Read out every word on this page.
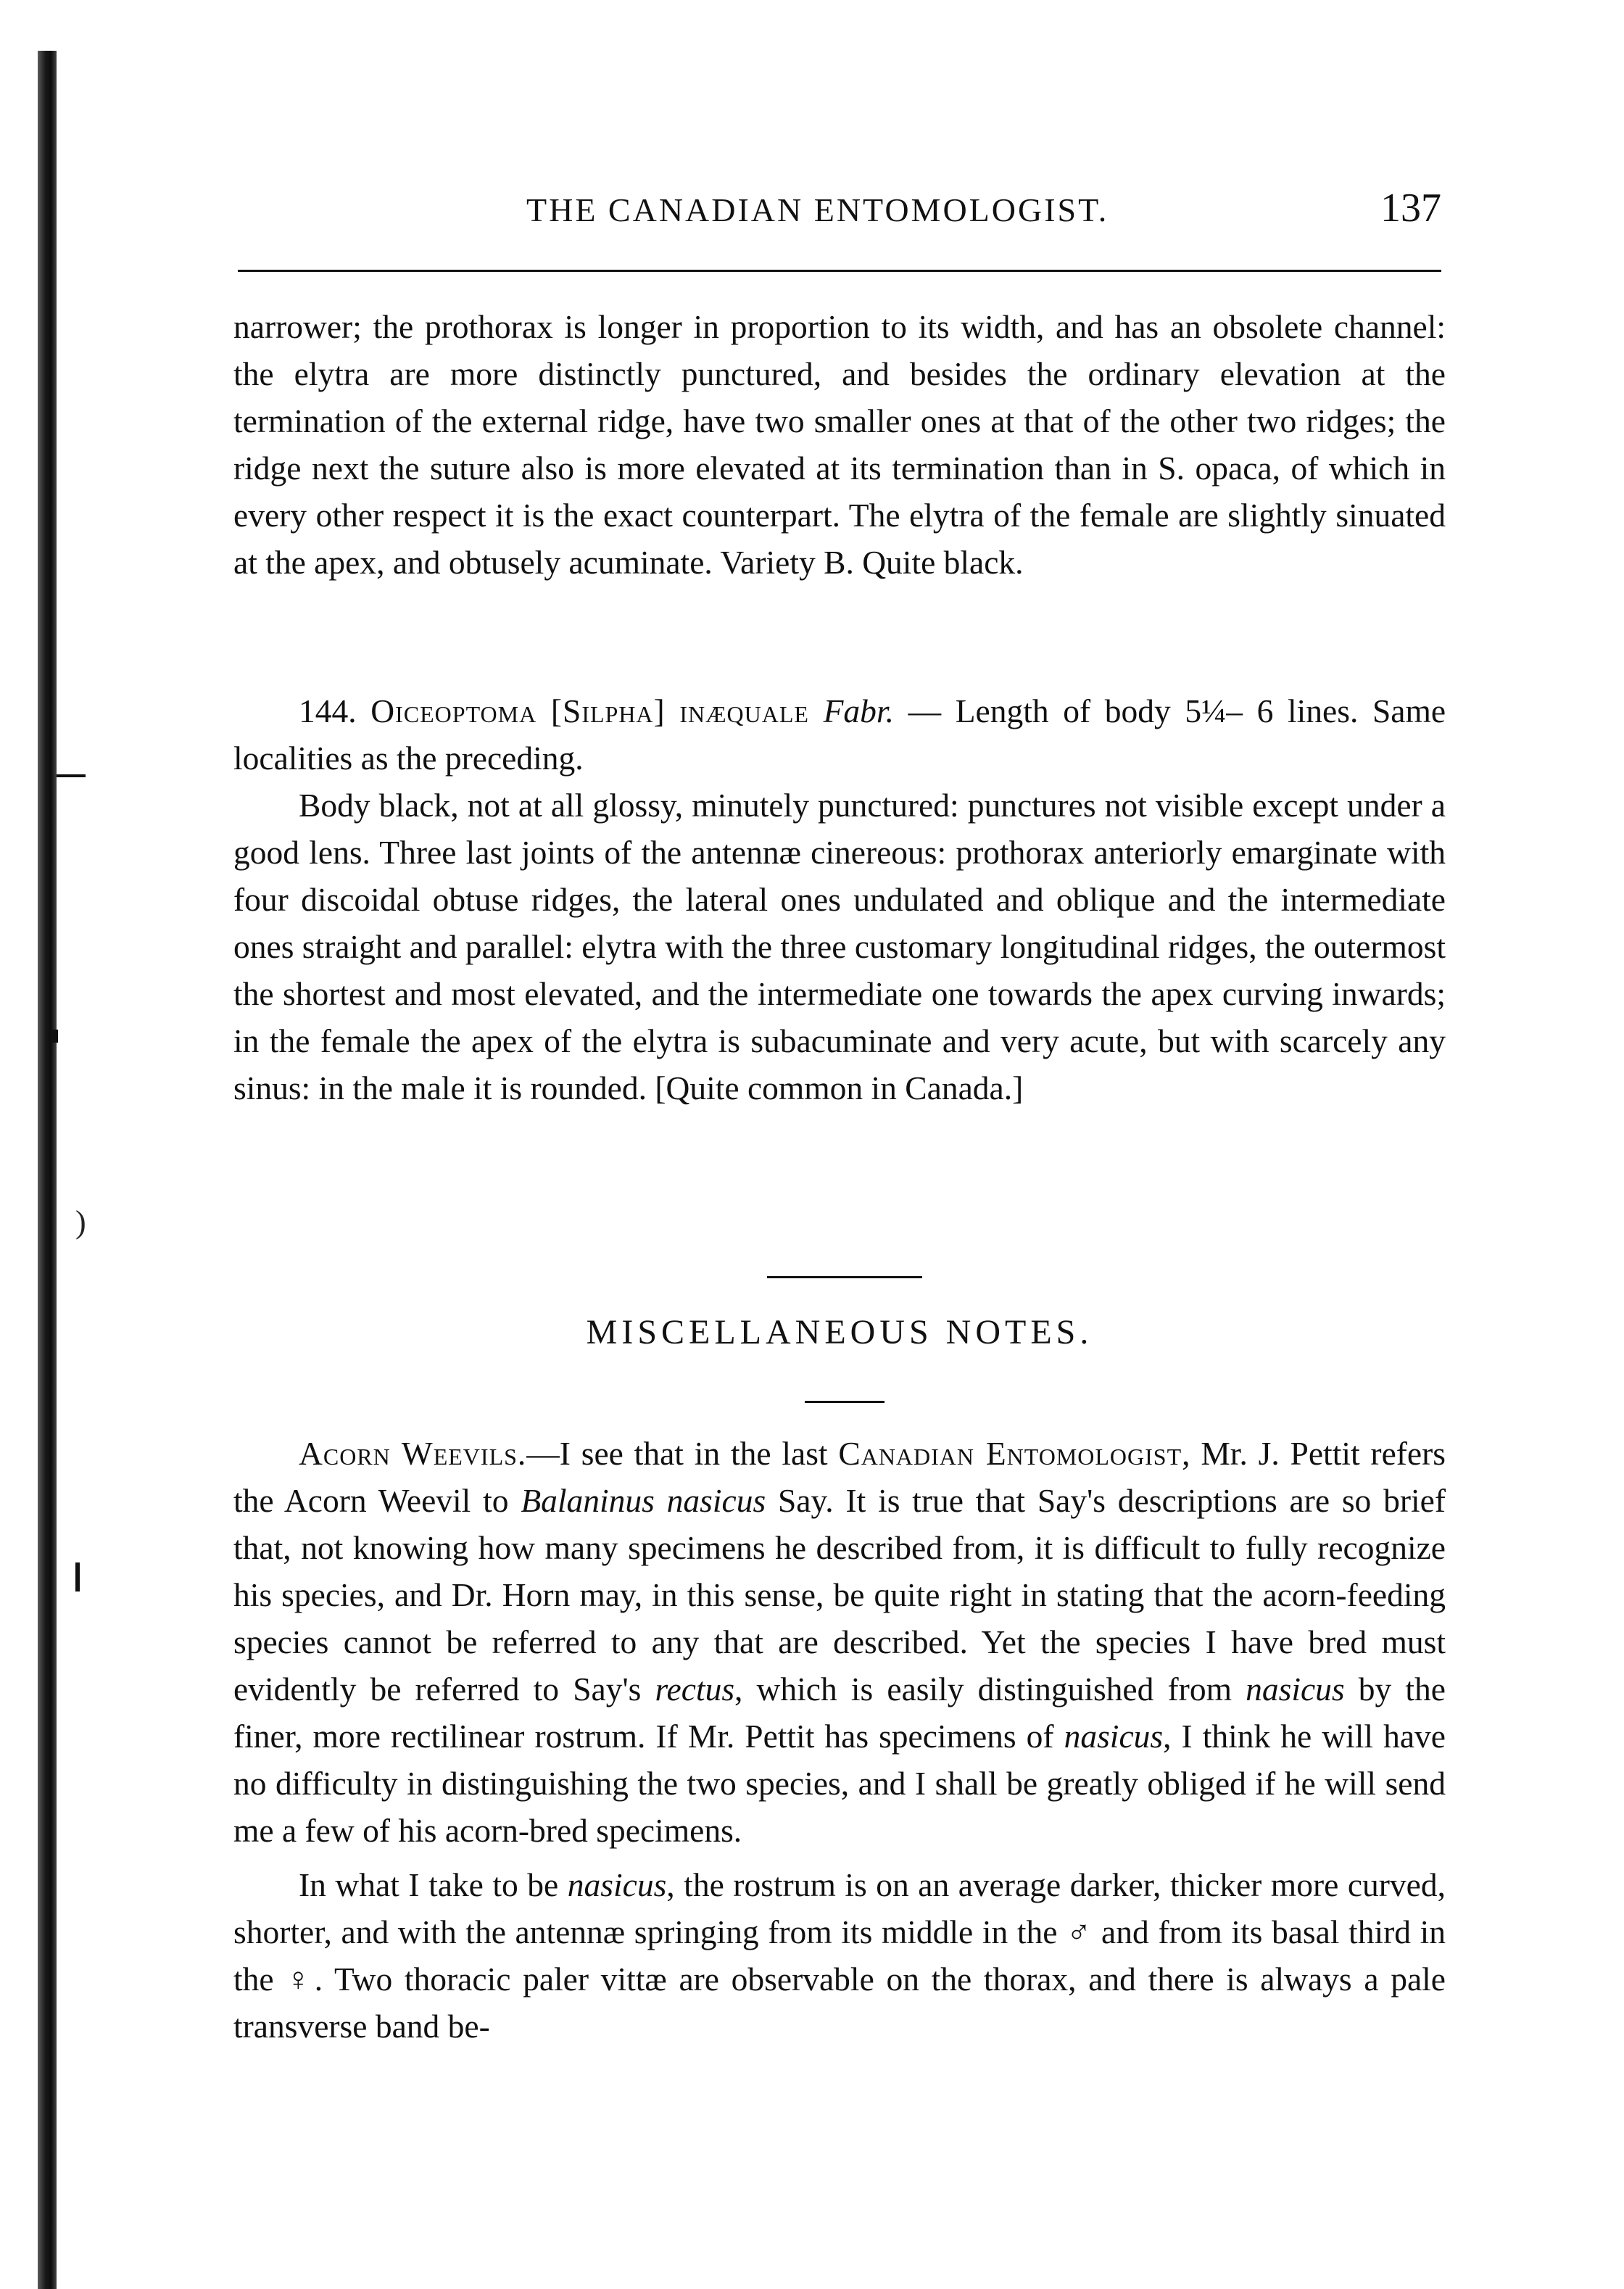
)
THE CANADIAN ENTOMOLOGIST.	137

narrower; the prothorax is longer in proportion to its width, and has an obsolete channel: the elytra are more distinctly punctured, and besides the ordinary elevation at the termination of the external ridge, have two smaller ones at that of the other two ridges; the ridge next the suture also is more elevated at its termination than in S. opaca, of which in every other respect it is the exact counterpart. The elytra of the female are slightly sinuated at the apex, and obtusely acuminate. Variety B. Quite black.

144. Oiceoptoma [Silpha] inæquale Fabr. — Length of body 5¼– 6 lines. Same localities as the preceding.

Body black, not at all glossy, minutely punctured: punctures not visible except under a good lens. Three last joints of the antennæ cinereous: prothorax anteriorly emarginate with four discoidal obtuse ridges, the lateral ones undulated and oblique and the intermediate ones straight and parallel: elytra with the three customary longitudinal ridges, the outermost the shortest and most elevated, and the intermediate one towards the apex curving inwards; in the female the apex of the elytra is subacuminate and very acute, but with scarcely any sinus: in the male it is rounded. [Quite common in Canada.]

MISCELLANEOUS NOTES.

Acorn Weevils.—I see that in the last Canadian Entomologist, Mr. J. Pettit refers the Acorn Weevil to Balaninus nasicus Say. It is true that Say's descriptions are so brief that, not knowing how many specimens he described from, it is difficult to fully recognize his species, and Dr. Horn may, in this sense, be quite right in stating that the acorn-feeding species cannot be referred to any that are described. Yet the species I have bred must evidently be referred to Say's rectus, which is easily distinguished from nasicus by the finer, more rectilinear rostrum. If Mr. Pettit has specimens of nasicus, I think he will have no difficulty in distinguishing the two species, and I shall be greatly obliged if he will send me a few of his acorn-bred specimens.

In what I take to be nasicus, the rostrum is on an average darker, thicker more curved, shorter, and with the antennæ springing from its middle in the ♂ and from its basal third in the ♀. Two thoracic paler vittæ are observable on the thorax, and there is always a pale transverse band be-
